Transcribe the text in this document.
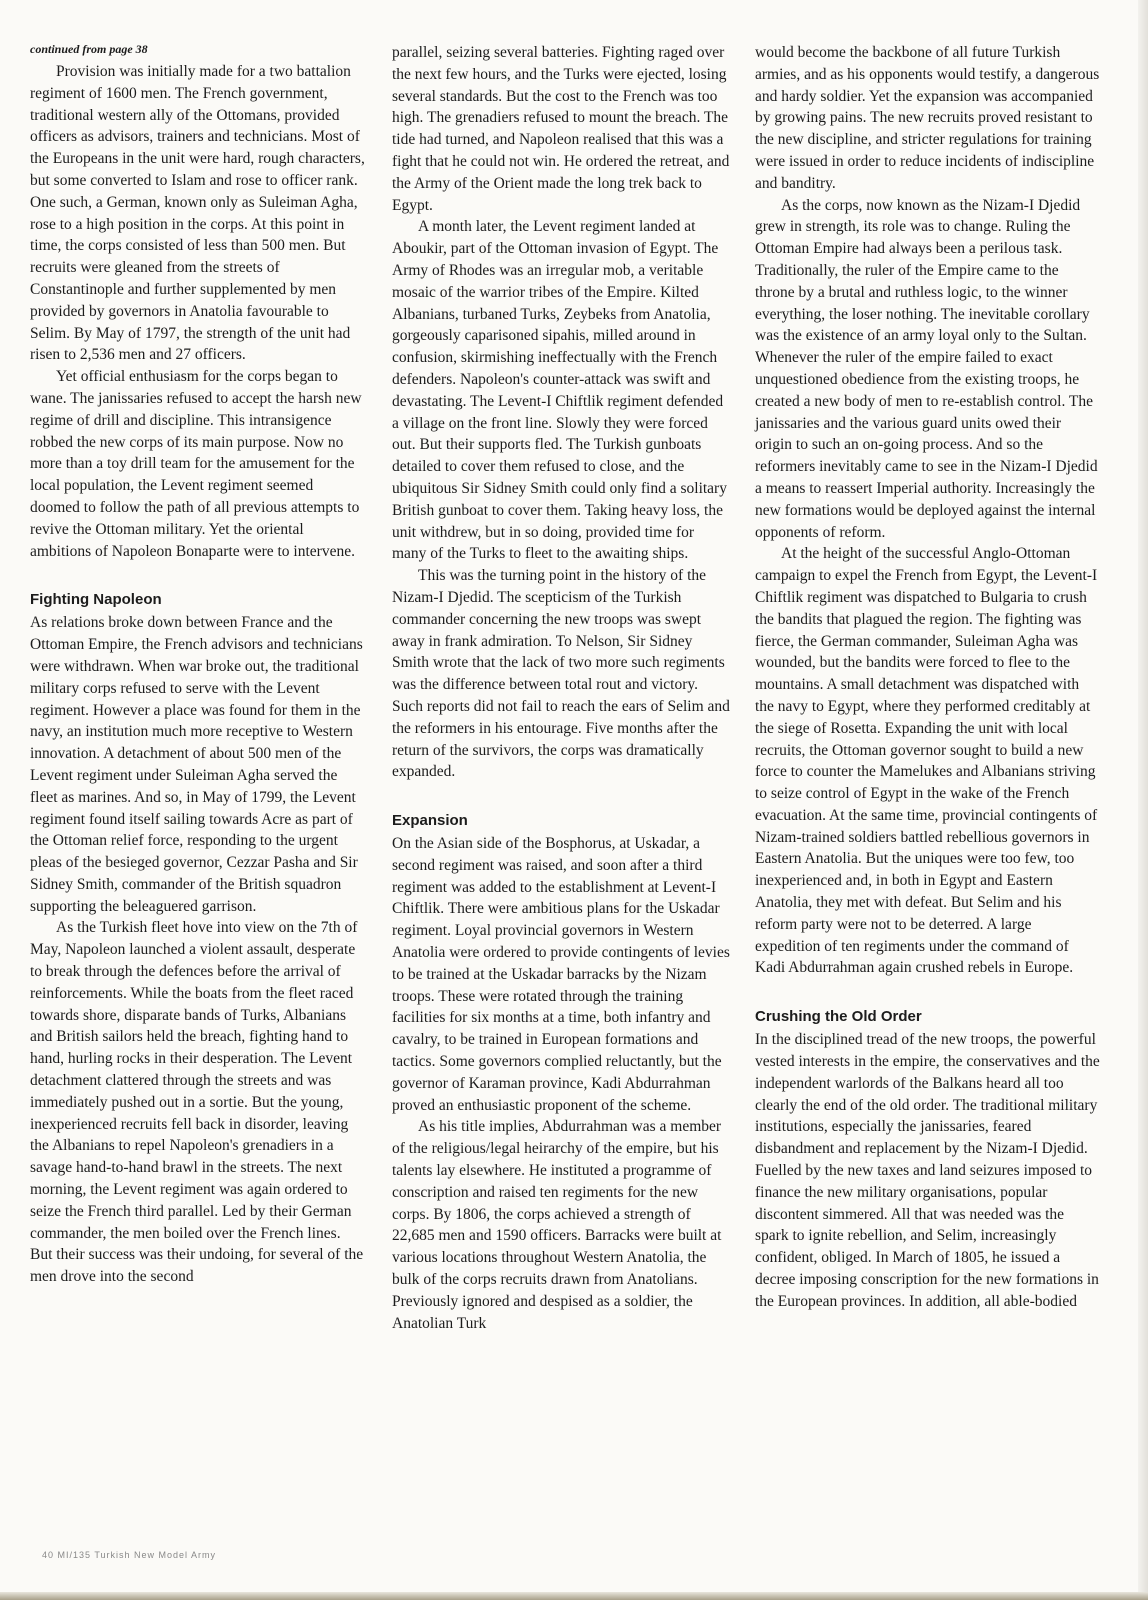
continued from page 38

Provision was initially made for a two battalion regiment of 1600 men. The French government, traditional western ally of the Ottomans, provided officers as advisors, trainers and technicians. Most of the Europeans in the unit were hard, rough characters, but some converted to Islam and rose to officer rank. One such, a German, known only as Suleiman Agha, rose to a high position in the corps. At this point in time, the corps consisted of less than 500 men. But recruits were gleaned from the streets of Constantinople and further supplemented by men provided by governors in Anatolia favourable to Selim. By May of 1797, the strength of the unit had risen to 2,536 men and 27 officers.

Yet official enthusiasm for the corps began to wane. The janissaries refused to accept the harsh new regime of drill and discipline. This intransigence robbed the new corps of its main purpose. Now no more than a toy drill team for the amusement for the local population, the Levent regiment seemed doomed to follow the path of all previous attempts to revive the Ottoman military. Yet the oriental ambitions of Napoleon Bonaparte were to intervene.

Fighting Napoleon

As relations broke down between France and the Ottoman Empire, the French advisors and technicians were withdrawn. When war broke out, the traditional military corps refused to serve with the Levent regiment. However a place was found for them in the navy, an institution much more receptive to Western innovation. A detachment of about 500 men of the Levent regiment under Suleiman Agha served the fleet as marines. And so, in May of 1799, the Levent regiment found itself sailing towards Acre as part of the Ottoman relief force, responding to the urgent pleas of the besieged governor, Cezzar Pasha and Sir Sidney Smith, commander of the British squadron supporting the beleaguered garrison.

As the Turkish fleet hove into view on the 7th of May, Napoleon launched a violent assault, desperate to break through the defences before the arrival of reinforcements. While the boats from the fleet raced towards shore, disparate bands of Turks, Albanians and British sailors held the breach, fighting hand to hand, hurling rocks in their desperation. The Levent detachment clattered through the streets and was immediately pushed out in a sortie. But the young, inexperienced recruits fell back in disorder, leaving the Albanians to repel Napoleon's grenadiers in a savage hand-to-hand brawl in the streets. The next morning, the Levent regiment was again ordered to seize the French third parallel. Led by their German commander, the men boiled over the French lines. But their success was their undoing, for several of the men drove into the second

parallel, seizing several batteries. Fighting raged over the next few hours, and the Turks were ejected, losing several standards. But the cost to the French was too high. The grenadiers refused to mount the breach. The tide had turned, and Napoleon realised that this was a fight that he could not win. He ordered the retreat, and the Army of the Orient made the long trek back to Egypt.

A month later, the Levent regiment landed at Aboukir, part of the Ottoman invasion of Egypt. The Army of Rhodes was an irregular mob, a veritable mosaic of the warrior tribes of the Empire. Kilted Albanians, turbaned Turks, Zeybeks from Anatolia, gorgeously caparisoned sipahis, milled around in confusion, skirmishing ineffectually with the French defenders. Napoleon's counter-attack was swift and devastating. The Levent-I Chiftlik regiment defended a village on the front line. Slowly they were forced out. But their supports fled. The Turkish gunboats detailed to cover them refused to close, and the ubiquitous Sir Sidney Smith could only find a solitary British gunboat to cover them. Taking heavy loss, the unit withdrew, but in so doing, provided time for many of the Turks to fleet to the awaiting ships.

This was the turning point in the history of the Nizam-I Djedid. The scepticism of the Turkish commander concerning the new troops was swept away in frank admiration. To Nelson, Sir Sidney Smith wrote that the lack of two more such regiments was the difference between total rout and victory. Such reports did not fail to reach the ears of Selim and the reformers in his entourage. Five months after the return of the survivors, the corps was dramatically expanded.

Expansion

On the Asian side of the Bosphorus, at Uskadar, a second regiment was raised, and soon after a third regiment was added to the establishment at Levent-I Chiftlik. There were ambitious plans for the Uskadar regiment. Loyal provincial governors in Western Anatolia were ordered to provide contingents of levies to be trained at the Uskadar barracks by the Nizam troops. These were rotated through the training facilities for six months at a time, both infantry and cavalry, to be trained in European formations and tactics. Some governors complied reluctantly, but the governor of Karaman province, Kadi Abdurrahman proved an enthusiastic proponent of the scheme.

As his title implies, Abdurrahman was a member of the religious/legal heirarchy of the empire, but his talents lay elsewhere. He instituted a programme of conscription and raised ten regiments for the new corps. By 1806, the corps achieved a strength of 22,685 men and 1590 officers. Barracks were built at various locations throughout Western Anatolia, the bulk of the corps recruits drawn from Anatolians. Previously ignored and despised as a soldier, the Anatolian Turk

would become the backbone of all future Turkish armies, and as his opponents would testify, a dangerous and hardy soldier. Yet the expansion was accompanied by growing pains. The new recruits proved resistant to the new discipline, and stricter regulations for training were issued in order to reduce incidents of indiscipline and banditry.

As the corps, now known as the Nizam-I Djedid grew in strength, its role was to change. Ruling the Ottoman Empire had always been a perilous task. Traditionally, the ruler of the Empire came to the throne by a brutal and ruthless logic, to the winner everything, the loser nothing. The inevitable corollary was the existence of an army loyal only to the Sultan. Whenever the ruler of the empire failed to exact unquestioned obedience from the existing troops, he created a new body of men to re-establish control. The janissaries and the various guard units owed their origin to such an on-going process. And so the reformers inevitably came to see in the Nizam-I Djedid a means to reassert Imperial authority. Increasingly the new formations would be deployed against the internal opponents of reform.

At the height of the successful Anglo-Ottoman campaign to expel the French from Egypt, the Levent-I Chiftlik regiment was dispatched to Bulgaria to crush the bandits that plagued the region. The fighting was fierce, the German commander, Suleiman Agha was wounded, but the bandits were forced to flee to the mountains. A small detachment was dispatched with the navy to Egypt, where they performed creditably at the siege of Rosetta. Expanding the unit with local recruits, the Ottoman governor sought to build a new force to counter the Mamelukes and Albanians striving to seize control of Egypt in the wake of the French evacuation. At the same time, provincial contingents of Nizam-trained soldiers battled rebellious governors in Eastern Anatolia. But the uniques were too few, too inexperienced and, in both in Egypt and Eastern Anatolia, they met with defeat. But Selim and his reform party were not to be deterred. A large expedition of ten regiments under the command of Kadi Abdurrahman again crushed rebels in Europe.

Crushing the Old Order

In the disciplined tread of the new troops, the powerful vested interests in the empire, the conservatives and the independent warlords of the Balkans heard all too clearly the end of the old order. The traditional military institutions, especially the janissaries, feared disbandment and replacement by the Nizam-I Djedid. Fuelled by the new taxes and land seizures imposed to finance the new military organisations, popular discontent simmered. All that was needed was the spark to ignite rebellion, and Selim, increasingly confident, obliged. In March of 1805, he issued a decree imposing conscription for the new formations in the European provinces. In addition, all able-bodied

40 MI/135 Turkish New Model Army
